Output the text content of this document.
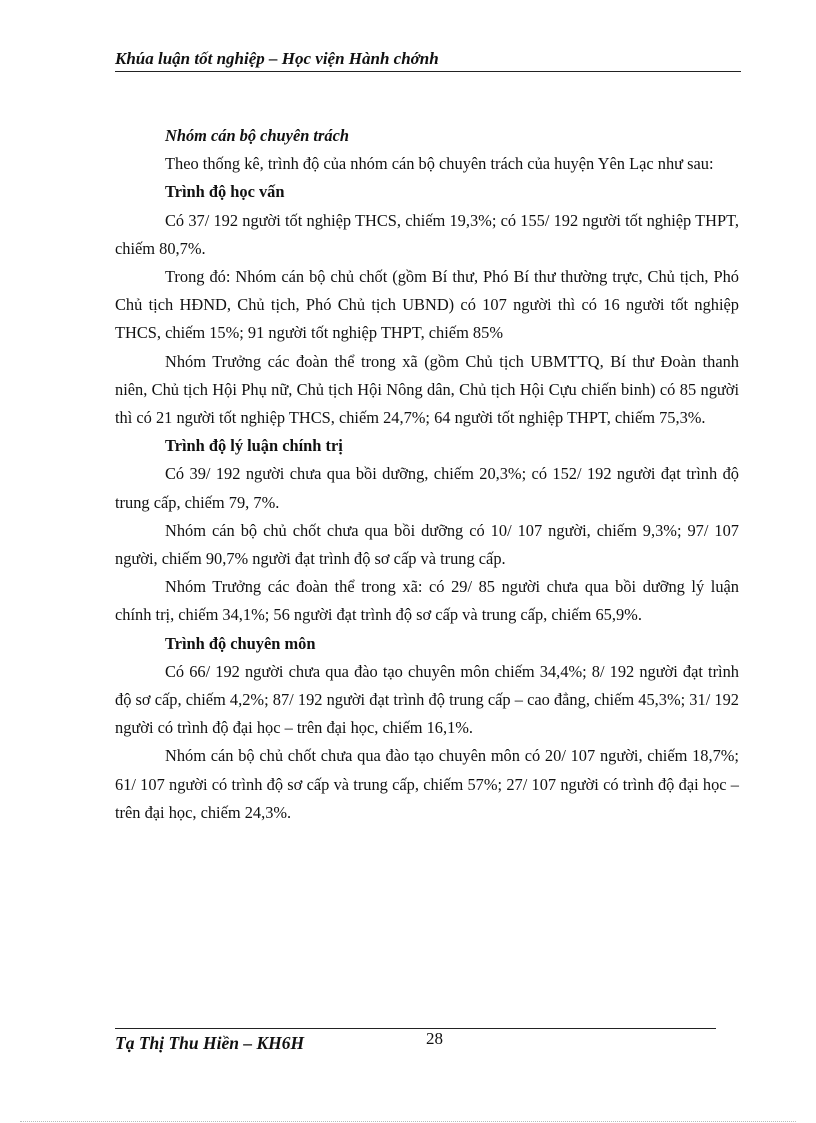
Khúa luận tốt nghiệp – Học viện Hành chớnh
Nhóm cán bộ chuyên trách

Theo thống kê, trình độ của nhóm cán bộ chuyên trách của huyện Yên Lạc như sau:

Trình độ học vấn

Có 37/ 192 người tốt nghiệp THCS, chiếm 19,3%; có 155/ 192 người tốt nghiệp THPT, chiếm 80,7%.

Trong đó: Nhóm cán bộ chủ chốt (gồm Bí thư, Phó Bí thư thường trực, Chủ tịch, Phó Chủ tịch HĐND, Chủ tịch, Phó Chủ tịch UBND) có 107 người thì có 16 người tốt nghiệp THCS, chiếm 15%; 91 người tốt nghiệp THPT, chiếm 85%

Nhóm Trưởng các đoàn thể trong xã (gồm Chủ tịch UBMTTQ, Bí thư Đoàn thanh niên, Chủ tịch Hội Phụ nữ, Chủ tịch Hội Nông dân, Chủ tịch Hội Cựu chiến binh) có 85 người thì có 21 người tốt nghiệp THCS, chiếm 24,7%; 64 người tốt nghiệp THPT, chiếm 75,3%.

Trình độ lý luận chính trị

Có 39/ 192 người chưa qua bồi dưỡng, chiếm 20,3%; có 152/ 192 người đạt trình độ trung cấp, chiếm 79, 7%.

Nhóm cán bộ chủ chốt chưa qua bồi dưỡng có 10/ 107 người, chiếm 9,3%; 97/ 107 người, chiếm 90,7% người đạt trình độ sơ cấp và trung cấp.

Nhóm Trưởng các đoàn thể trong xã: có 29/ 85 người chưa qua bồi dưỡng lý luận chính trị, chiếm 34,1%; 56 người đạt trình độ sơ cấp và trung cấp, chiếm 65,9%.

Trình độ chuyên môn

Có 66/ 192 người chưa qua đào tạo chuyên môn chiếm 34,4%; 8/ 192 người đạt trình độ sơ cấp, chiếm 4,2%; 87/ 192 người đạt trình độ trung cấp – cao đẳng, chiếm 45,3%; 31/ 192 người có trình độ đại học – trên đại học, chiếm 16,1%.

Nhóm cán bộ chủ chốt chưa qua đào tạo chuyên môn có 20/ 107 người, chiếm 18,7%; 61/ 107 người có trình độ sơ cấp và trung cấp, chiếm 57%; 27/ 107 người có trình độ đại học – trên đại học, chiếm 24,3%.

Tạ Thị Thu Hiền – KH6H	28
